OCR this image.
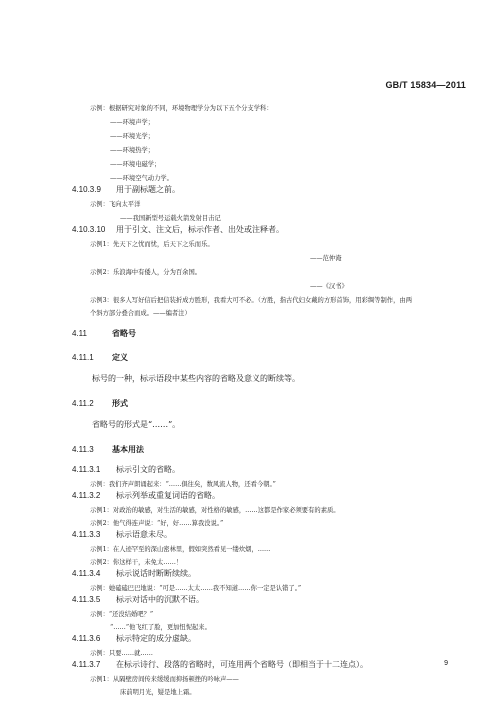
GB/T 15834—2011
示例：根据研究对象的不同，环境物理学分为以下五个分支学科：
——环境声学；
——环境光学；
——环境热学；
——环境电磁学；
——环境空气动力学。
4.10.3.9 用于副标题之前。
示例：飞向太平洋
——我国新型号运载火箭发射目击记
4.10.3.10 用于引文、注文后，标示作者、出处或注释者。
示例1：先天下之忧而忧，后天下之乐而乐。
——范仲淹
示例2：乐浪海中有倭人，分为百余国。
——《汉书》
示例3：很多人写好信后把信装折成方胜形，我看大可不必。（方胜，指古代妇女戴的方形首饰，用彩绸等制作，由两
个斜方部分叠合而成。——编者注）
4.11	省略号
4.11.1 定义
标号的一种，标示语段中某些内容的省略及意义的断续等。
4.11.2 形式
省略号的形式是“……”。
4.11.3 基本用法
4.11.3.1 标示引文的省略。
示例：我们齐声朗诵起来：“……俱往矣，数风流人物，还看今朝。”
4.11.3.2 标示列举或重复词语的省略。
示例1：对政治的敏感，对生活的敏感，对性格的敏感，……这都是作家必须要有的素质。
示例2：他气得连声说：“好，好……算我没说。”
4.11.3.3 标示语意未尽。
示例1：在人迹罕至的深山密林里，假如突然看见一缕炊烟，……
示例2：你这样干，未免太……！
4.11.3.4 标示说话时断断续续。
示例：她磕磕巴巴地说：“可是……太太……我不知道……你一定是认错了。”
4.11.3.5 标示对话中的沉默不语。
示例：“还没结婚吧？”
“……”他飞红了脸，更加忸怩起来。
4.11.3.6 标示特定的成分虚缺。
示例：只要……就……
4.11.3.7 在标示诗行、段落的省略时，可连用两个省略号（即相当于十二连点）。
示例1：从隔壁房间传来缓缓而抑扬顿挫的吟咏声——
床前明月光，疑是地上霜。
9
